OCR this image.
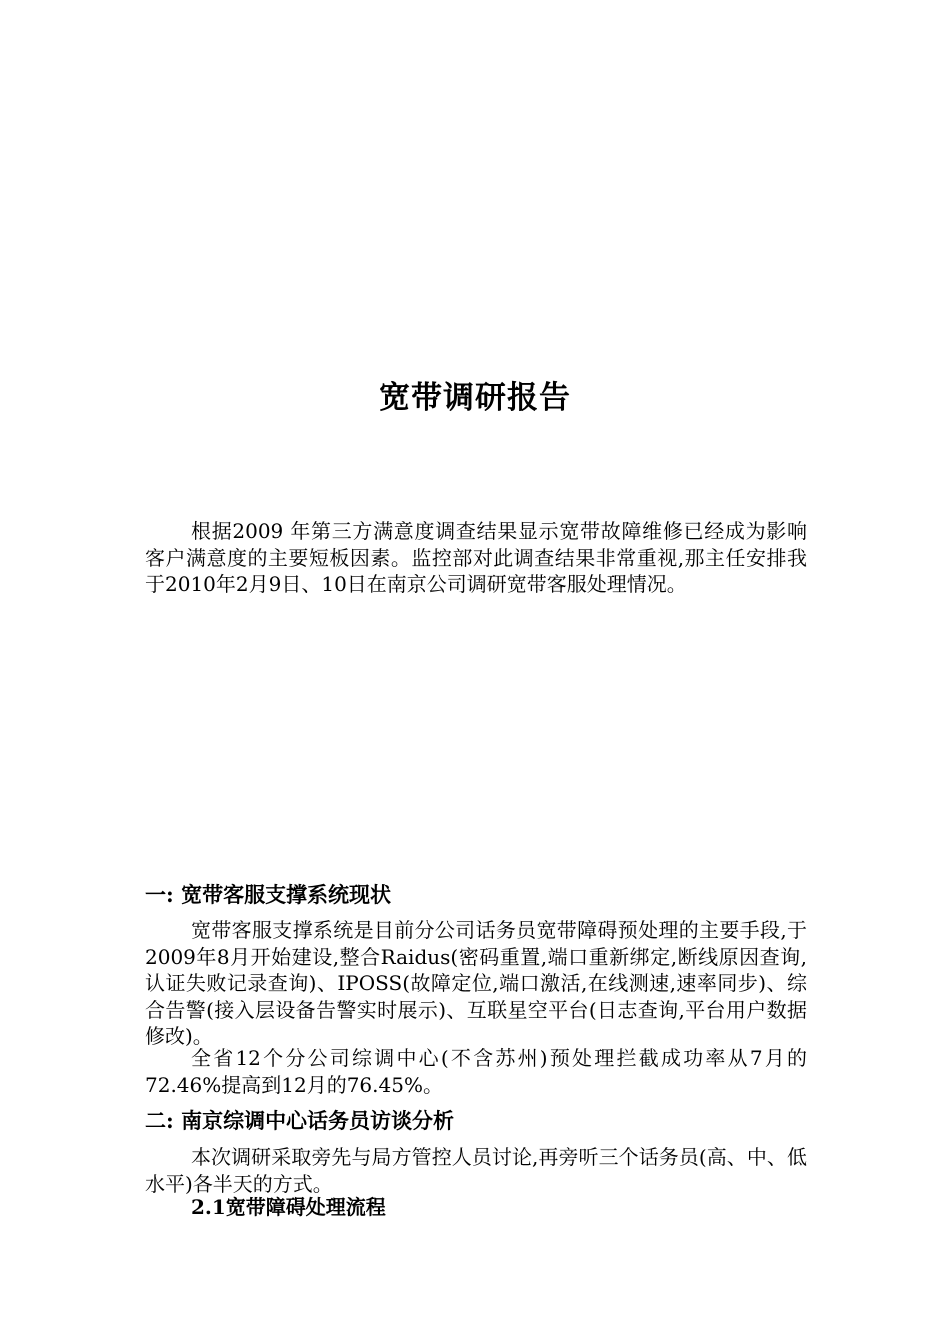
宽带调研报告

根据2009 年第三方满意度调查结果显示宽带故障维修已经成为影响客户满意度的主要短板因素。监控部对此调查结果非常重视,那主任安排我于2010年2月9日、10日在南京公司调研宽带客服处理情况。

一: 宽带客服支撑系统现状

宽带客服支撑系统是目前分公司话务员宽带障碍预处理的主要手段,于2009年8月开始建设,整合Raidus(密码重置,端口重新绑定,断线原因查询,认证失败记录查询)、IPOSS(故障定位,端口激活,在线测速,速率同步)、综合告警(接入层设备告警实时展示)、互联星空平台(日志查询,平台用户数据修改)。

全省12个分公司综调中心(不含苏州)预处理拦截成功率从7月的72.46%提高到12月的76.45%。

二: 南京综调中心话务员访谈分析

本次调研采取旁先与局方管控人员讨论,再旁听三个话务员(高、中、低水平)各半天的方式。

2.1宽带障碍处理流程
